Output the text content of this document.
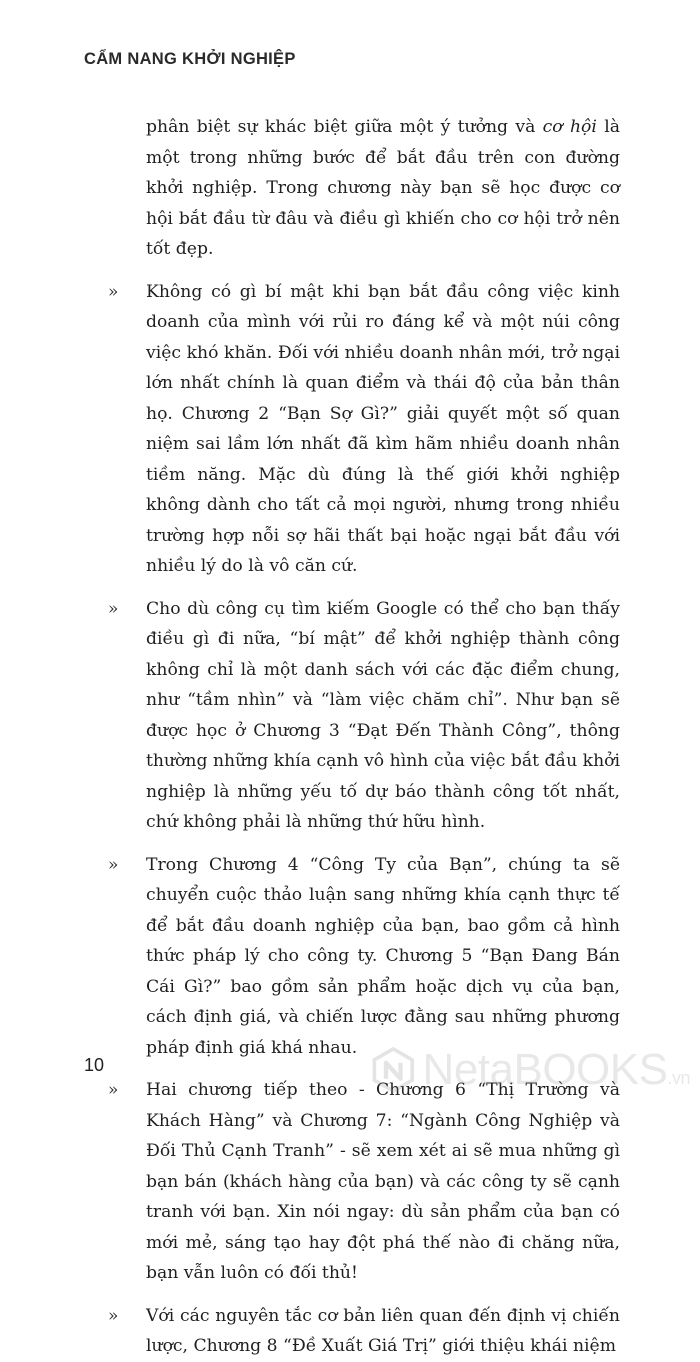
CẨM NANG KHỞI NGHIỆP

phân biệt sự khác biệt giữa một ý tưởng và cơ hội là một trong những bước để bắt đầu trên con đường khởi nghiệp. Trong chương này bạn sẽ học được cơ hội bắt đầu từ đâu và điều gì khiến cho cơ hội trở nên tốt đẹp.

» Không có gì bí mật khi bạn bắt đầu công việc kinh doanh của mình với rủi ro đáng kể và một núi công việc khó khăn. Đối với nhiều doanh nhân mới, trở ngại lớn nhất chính là quan điểm và thái độ của bản thân họ. Chương 2 “Bạn Sợ Gì?” giải quyết một số quan niệm sai lầm lớn nhất đã kìm hãm nhiều doanh nhân tiềm năng. Mặc dù đúng là thế giới khởi nghiệp không dành cho tất cả mọi người, nhưng trong nhiều trường hợp nỗi sợ hãi thất bại hoặc ngại bắt đầu với nhiều lý do là vô căn cứ.

» Cho dù công cụ tìm kiếm Google có thể cho bạn thấy điều gì đi nữa, “bí mật” để khởi nghiệp thành công không chỉ là một danh sách với các đặc điểm chung, như “tầm nhìn” và “làm việc chăm chỉ”. Như bạn sẽ được học ở Chương 3 “Đạt Đến Thành Công”, thông thường những khía cạnh vô hình của việc bắt đầu khởi nghiệp là những yếu tố dự báo thành công tốt nhất, chứ không phải là những thứ hữu hình.

» Trong Chương 4 “Công Ty của Bạn”, chúng ta sẽ chuyển cuộc thảo luận sang những khía cạnh thực tế để bắt đầu doanh nghiệp của bạn, bao gồm cả hình thức pháp lý cho công ty. Chương 5 “Bạn Đang Bán Cái Gì?” bao gồm sản phẩm hoặc dịch vụ của bạn, cách định giá, và chiến lược đằng sau những phương pháp định giá khá nhau.

» Hai chương tiếp theo - Chương 6 “Thị Trường và Khách Hàng” và Chương 7: “Ngành Công Nghiệp và Đối Thủ Cạnh Tranh” - sẽ xem xét ai sẽ mua những gì bạn bán (khách hàng của bạn) và các công ty sẽ cạnh tranh với bạn. Xin nói ngay: dù sản phẩm của bạn có mới mẻ, sáng tạo hay đột phá thế nào đi chăng nữa, bạn vẫn luôn có đối thủ!

» Với các nguyên tắc cơ bản liên quan đến định vị chiến lược, Chương 8 “Đề Xuất Giá Trị” giới thiệu khái niệm

10	NetaBOOKS.vn
